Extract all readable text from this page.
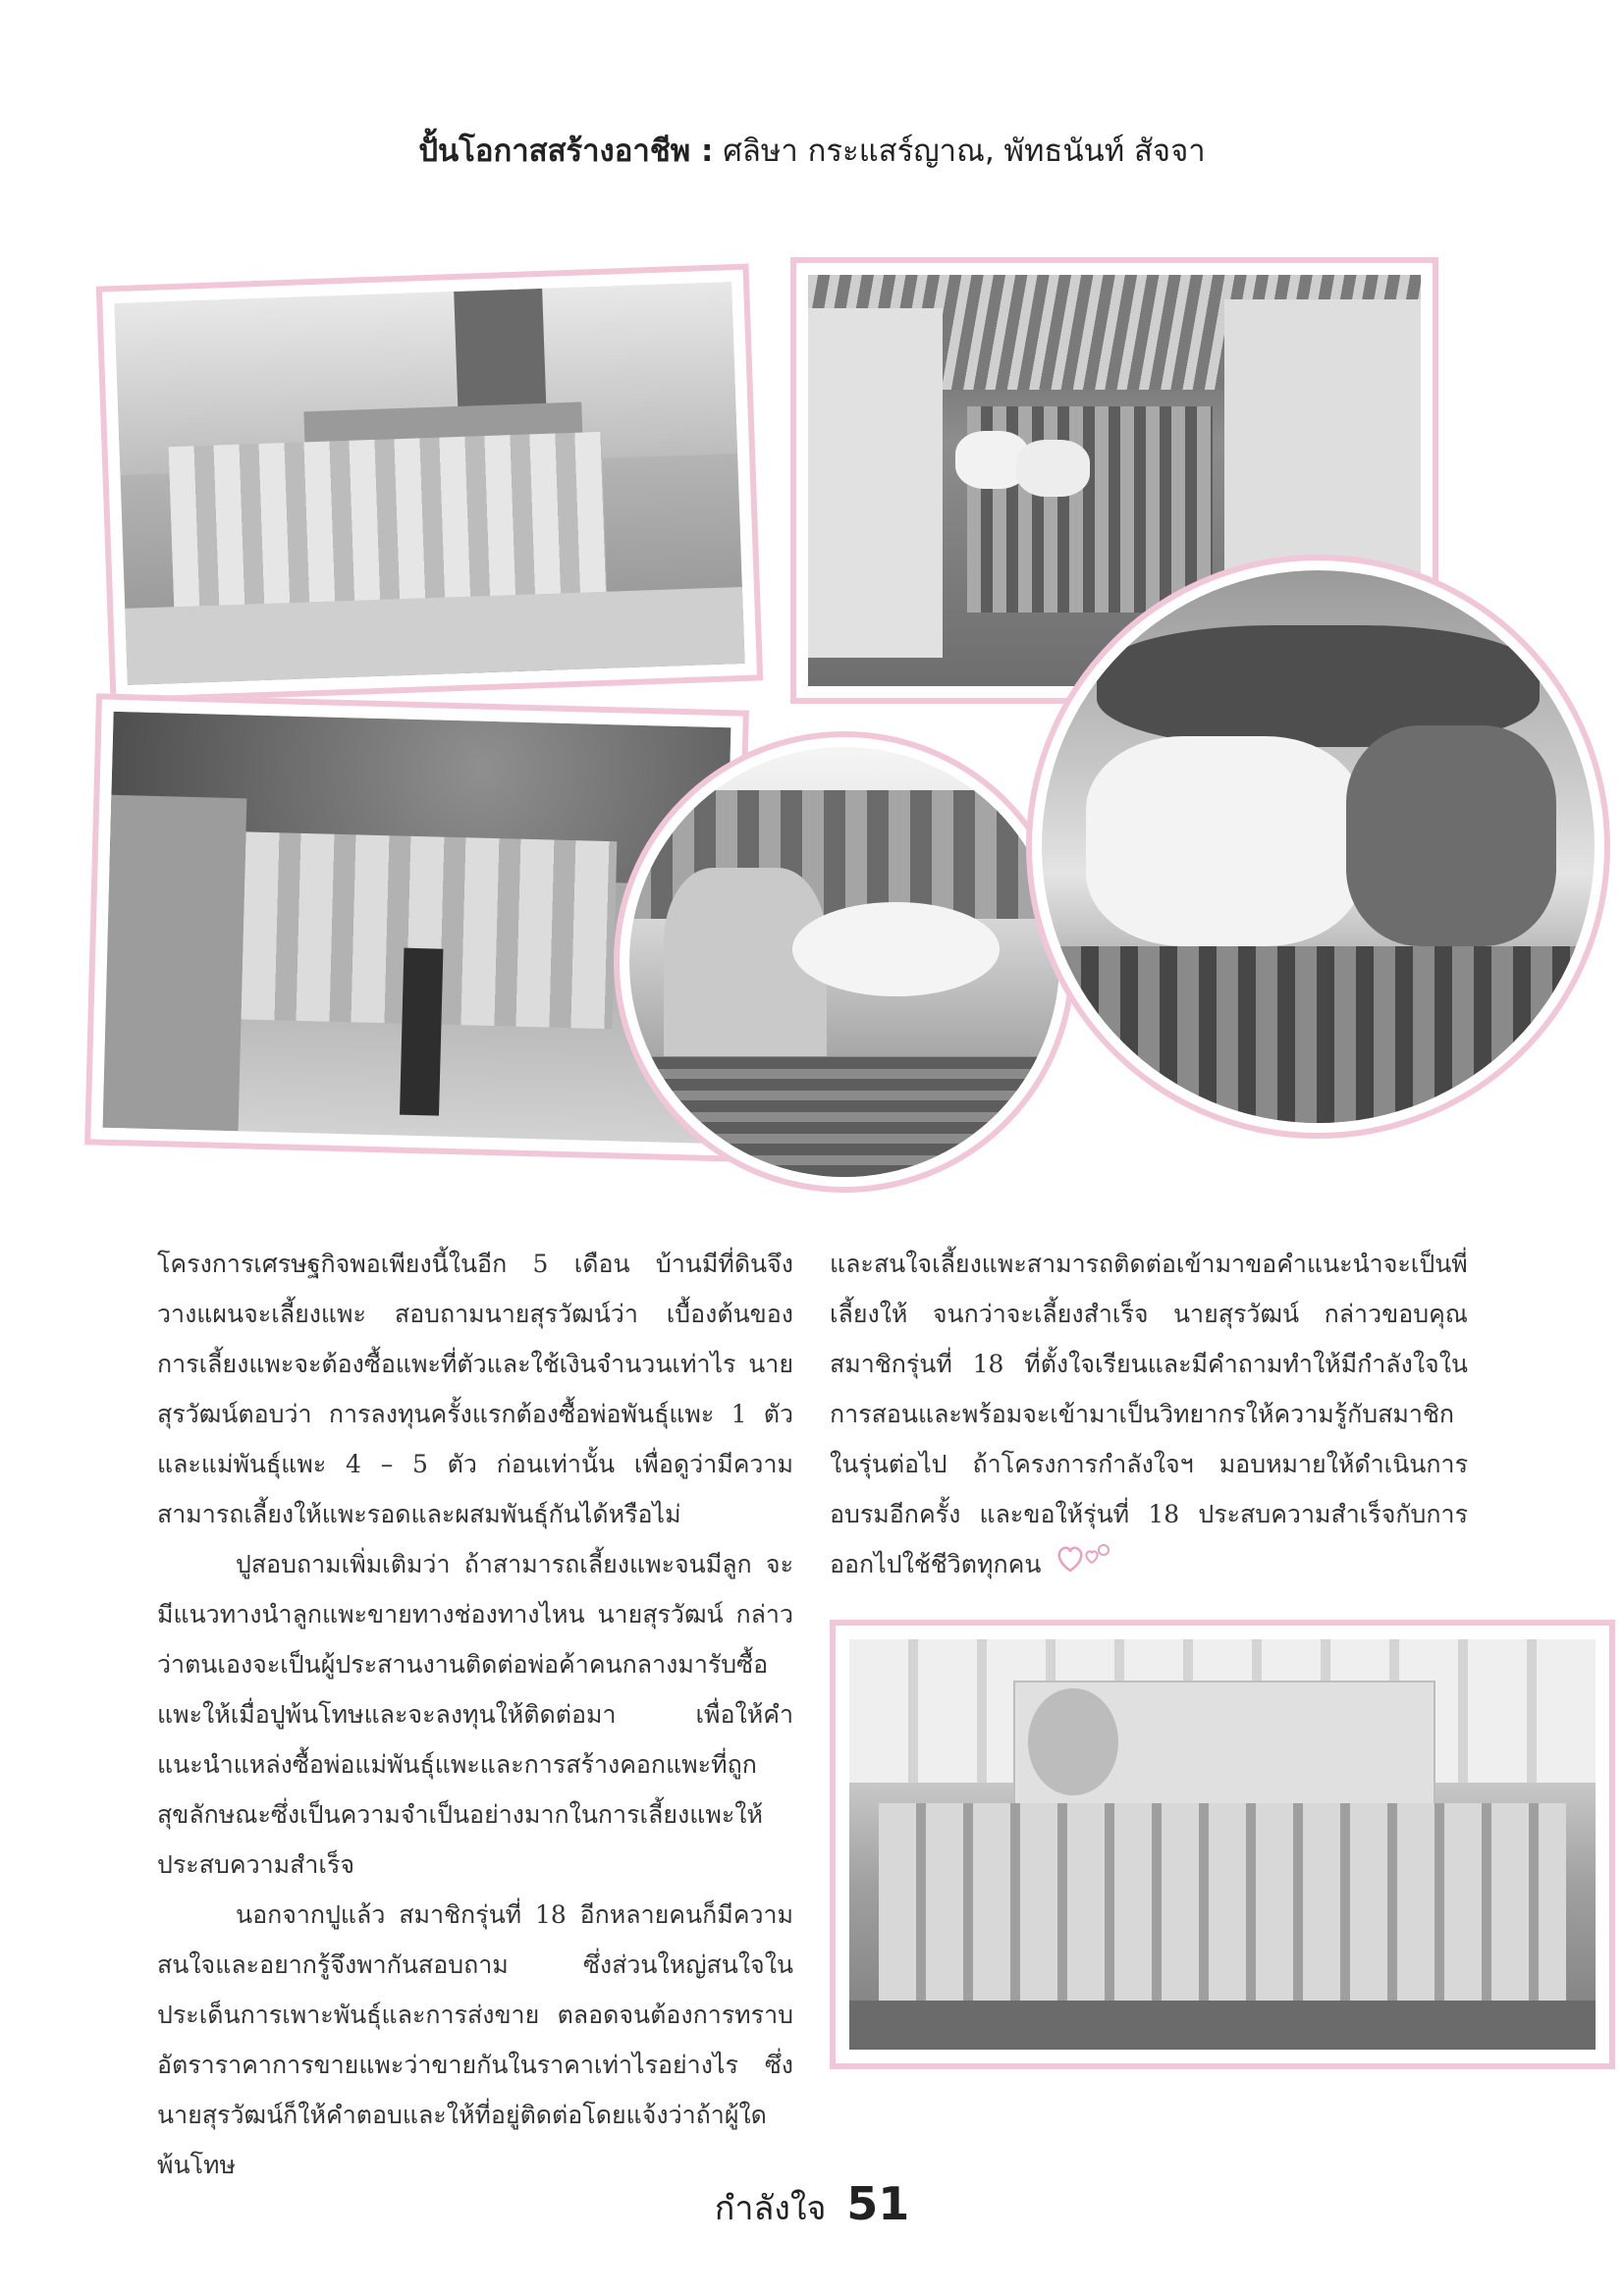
ปั้นโอกาสสร้างอาชีพ : ศลิษา กระแสร์ญาณ, พัทธนันท์ สัจจา

โครงการเศรษฐกิจพอเพียงนี้ในอีก 5 เดือน บ้านมีที่ดินจึงวางแผนจะเลี้ยงแพะ สอบถามนายสุรวัฒน์ว่า เบื้องต้นของการเลี้ยงแพะจะต้องซื้อแพะที่ตัวและใช้เงินจำนวนเท่าไร นายสุรวัฒน์ตอบว่า การลงทุนครั้งแรกต้องซื้อพ่อพันธุ์แพะ 1 ตัว และแม่พันธุ์แพะ 4 – 5 ตัว ก่อนเท่านั้น เพื่อดูว่ามีความสามารถเลี้ยงให้แพะรอดและผสมพันธุ์กันได้หรือไม่

ปูสอบถามเพิ่มเติมว่า ถ้าสามารถเลี้ยงแพะจนมีลูก จะมีแนวทางนำลูกแพะขายทางช่องทางไหน นายสุรวัฒน์ กล่าวว่าตนเองจะเป็นผู้ประสานงานติดต่อพ่อค้าคนกลางมารับซื้อแพะให้เมื่อปูพ้นโทษและจะลงทุนให้ติดต่อมา เพื่อให้คำแนะนำแหล่งซื้อพ่อแม่พันธุ์แพะและการสร้างคอกแพะที่ถูกสุขลักษณะซึ่งเป็นความจำเป็นอย่างมากในการเลี้ยงแพะให้ประสบความสำเร็จ

นอกจากปูแล้ว สมาชิกรุ่นที่ 18 อีกหลายคนก็มีความสนใจและอยากรู้จึงพากันสอบถาม ซึ่งส่วนใหญ่สนใจในประเด็นการเพาะพันธุ์และการส่งขาย ตลอดจนต้องการทราบอัตราราคาการขายแพะว่าขายกันในราคาเท่าไรอย่างไร ซึ่งนายสุรวัฒน์ก็ให้คำตอบและให้ที่อยู่ติดต่อโดยแจ้งว่าถ้าผู้ใดพ้นโทษ

และสนใจเลี้ยงแพะสามารถติดต่อเข้ามาขอคำแนะนำจะเป็นพี่เลี้ยงให้ จนกว่าจะเลี้ยงสำเร็จ นายสุรวัฒน์ กล่าวขอบคุณสมาชิกรุ่นที่ 18 ที่ตั้งใจเรียนและมีคำถามทำให้มีกำลังใจในการสอนและพร้อมจะเข้ามาเป็นวิทยากรให้ความรู้กับสมาชิกในรุ่นต่อไป ถ้าโครงการกำลังใจฯ มอบหมายให้ดำเนินการอบรมอีกครั้ง และขอให้รุ่นที่ 18 ประสบความสำเร็จกับการออกไปใช้ชีวิตทุกคน

กำลังใจ 51
